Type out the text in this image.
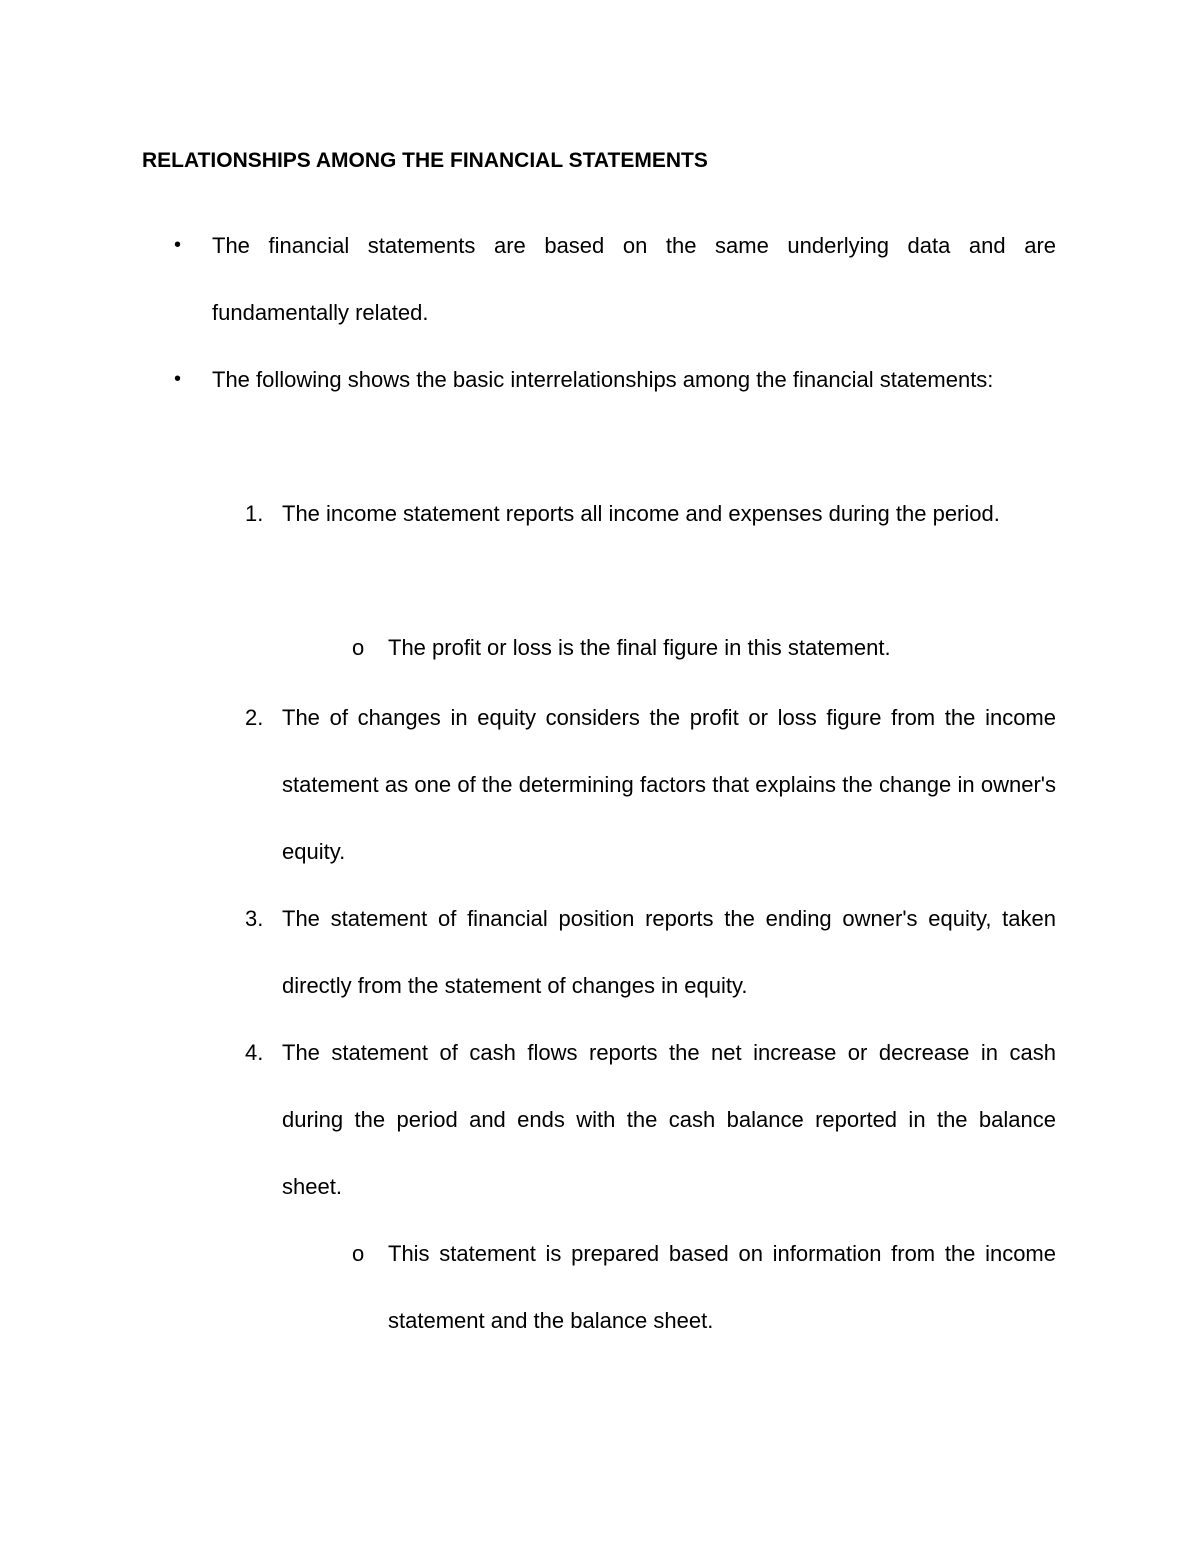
RELATIONSHIPS AMONG THE FINANCIAL STATEMENTS
• The financial statements are based on the same underlying data and are fundamentally related.

• The following shows the basic interrelationships among the financial statements:

1. The income statement reports all income and expenses during the period.

o The profit or loss is the final figure in this statement.

2. The of changes in equity considers the profit or loss figure from the income statement as one of the determining factors that explains the change in owner's equity.

3. The statement of financial position reports the ending owner's equity, taken directly from the statement of changes in equity.

4. The statement of cash flows reports the net increase or decrease in cash during the period and ends with the cash balance reported in the balance sheet.

o This statement is prepared based on information from the income statement and the balance sheet.
